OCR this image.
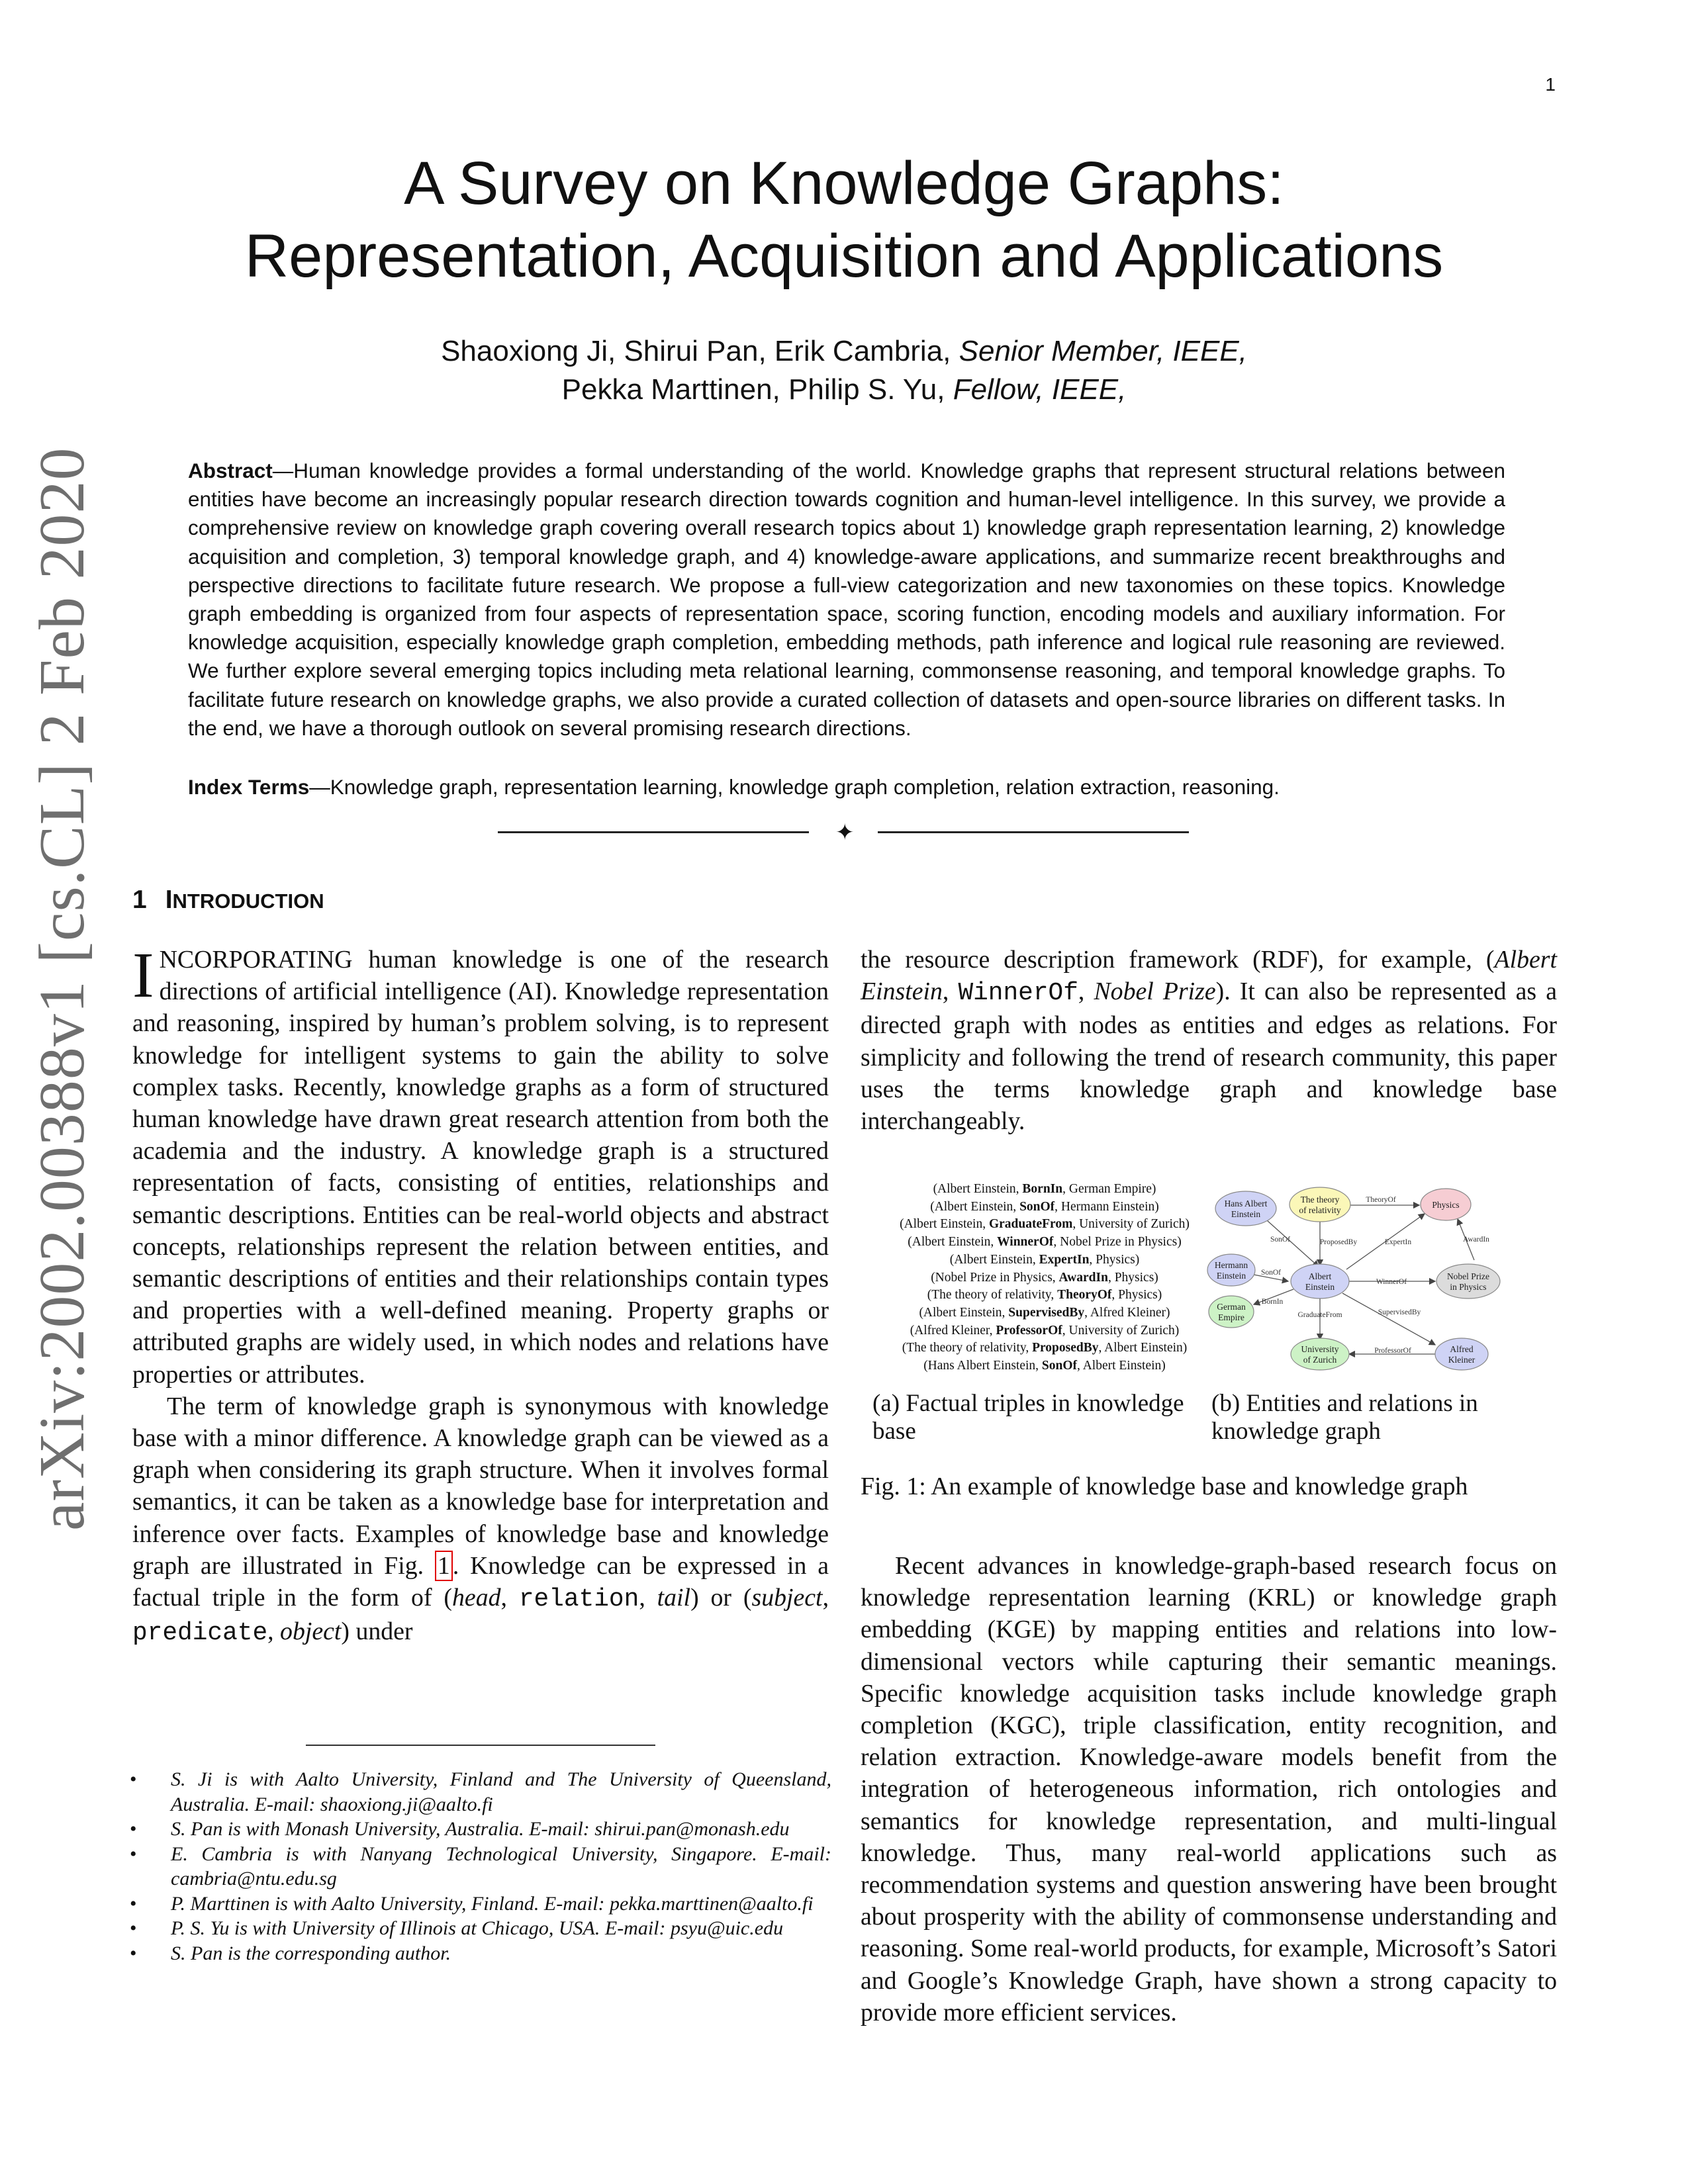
1
A Survey on Knowledge Graphs:
Representation, Acquisition and Applications
Shaoxiong Ji, Shirui Pan, Erik Cambria, Senior Member, IEEE,
Pekka Marttinen, Philip S. Yu, Fellow, IEEE,
Abstract—Human knowledge provides a formal understanding of the world. Knowledge graphs that represent structural relations between entities have become an increasingly popular research direction towards cognition and human-level intelligence. In this survey, we provide a comprehensive review on knowledge graph covering overall research topics about 1) knowledge graph representation learning, 2) knowledge acquisition and completion, 3) temporal knowledge graph, and 4) knowledge-aware applications, and summarize recent breakthroughs and perspective directions to facilitate future research. We propose a full-view categorization and new taxonomies on these topics. Knowledge graph embedding is organized from four aspects of representation space, scoring function, encoding models and auxiliary information. For knowledge acquisition, especially knowledge graph completion, embedding methods, path inference and logical rule reasoning are reviewed. We further explore several emerging topics including meta relational learning, commonsense reasoning, and temporal knowledge graphs. To facilitate future research on knowledge graphs, we also provide a curated collection of datasets and open-source libraries on different tasks. In the end, we have a thorough outlook on several promising research directions.
Index Terms—Knowledge graph, representation learning, knowledge graph completion, relation extraction, reasoning.
✦
arXiv:2002.00388v1 [cs.CL] 2 Feb 2020 1 INTRODUCTION

INCORPORATING human knowledge is one of the research directions of artificial intelligence (AI). Knowledge representation and reasoning, inspired by human’s problem solving, is to represent knowledge for intelligent systems to gain the ability to solve complex tasks. Recently, knowledge graphs as a form of structured human knowledge have drawn great research attention from both the academia and the industry. A knowledge graph is a structured representation of facts, consisting of entities, relationships and semantic descriptions. Entities can be real-world objects and abstract concepts, relationships represent the relation between entities, and semantic descriptions of entities and their relationships contain types and properties with a well-defined meaning. Property graphs or attributed graphs are widely used, in which nodes and relations have properties or attributes.

The term of knowledge graph is synonymous with knowledge base with a minor difference. A knowledge graph can be viewed as a graph when considering its graph structure. When it involves formal semantics, it can be taken as a knowledge base for interpretation and inference over facts. Examples of knowledge base and knowledge graph are illustrated in Fig. 1 . Knowledge can be expressed in a factual triple in the form of (head, relation, tail) or (subject, predicate, object) under

the resource description framework (RDF), for example, (Albert Einstein, WinnerOf, Nobel Prize). It can also be represented as a directed graph with nodes as entities and edges as relations. For simplicity and following the trend of research community, this paper uses the terms knowledge graph and knowledge base interchangeably.

(Albert Einstein, BornIn, German Empire)
(Albert Einstein, SonOf, Hermann Einstein)
(Albert Einstein, GraduateFrom, University of Zurich)
(Albert Einstein, WinnerOf, Nobel Prize in Physics)
(Albert Einstein, ExpertIn, Physics)
(Nobel Prize in Physics, AwardIn, Physics)
(The theory of relativity, TheoryOf, Physics)
(Albert Einstein, SupervisedBy, Alfred Kleiner)
(Alfred Kleiner, ProfessorOf, University of Zurich)
(The theory of relativity, ProposedBy, Albert Einstein)
(Hans Albert Einstein, SonOf, Albert Einstein)
TheoryOf
SonOf	ProposedBy	ExpertIn	AwardIn
SonOf
WinnerOf
BornIn
GraduateFrom	SupervisedBy
ProfessorOf
Hans Albert
Einstein
The theory
of relativity
Physics
Hermann
Einstein	Albert
Einstein
Nobel Prize
in Physics
German
Empire
University
of Zurich
Alfred
Kleiner
(a) Factual triples in knowledge base
(b) Entities and relations in knowledge graph
Fig. 1: An example of knowledge base and knowledge graph

Recent advances in knowledge-graph-based research focus on knowledge representation learning (KRL) or knowledge graph embedding (KGE) by mapping entities and relations into low-dimensional vectors while capturing their semantic meanings. Specific knowledge acquisition tasks include knowledge graph completion (KGC), triple classification, entity recognition, and relation extraction. Knowledge-aware models benefit from the integration of heterogeneous information, rich ontologies and semantics for knowledge representation, and multi-lingual knowledge. Thus, many real-world applications such as recommendation systems and question answering have been brought about prosperity with the ability of commonsense understanding and reasoning. Some real-world products, for example, Microsoft’s Satori and Google’s Knowledge Graph, have shown a strong capacity to provide more efficient services.

• S. Ji is with Aalto University, Finland and The University of Queensland, Australia. E-mail: shaoxiong.ji@aalto.fi
• S. Pan is with Monash University, Australia. E-mail: shirui.pan@monash.edu
• E. Cambria is with Nanyang Technological University, Singapore. E-mail: cambria@ntu.edu.sg
• P. Marttinen is with Aalto University, Finland. E-mail: pekka.marttinen@aalto.fi
• P. S. Yu is with University of Illinois at Chicago, USA. E-mail: psyu@uic.edu
• S. Pan is the corresponding author.
